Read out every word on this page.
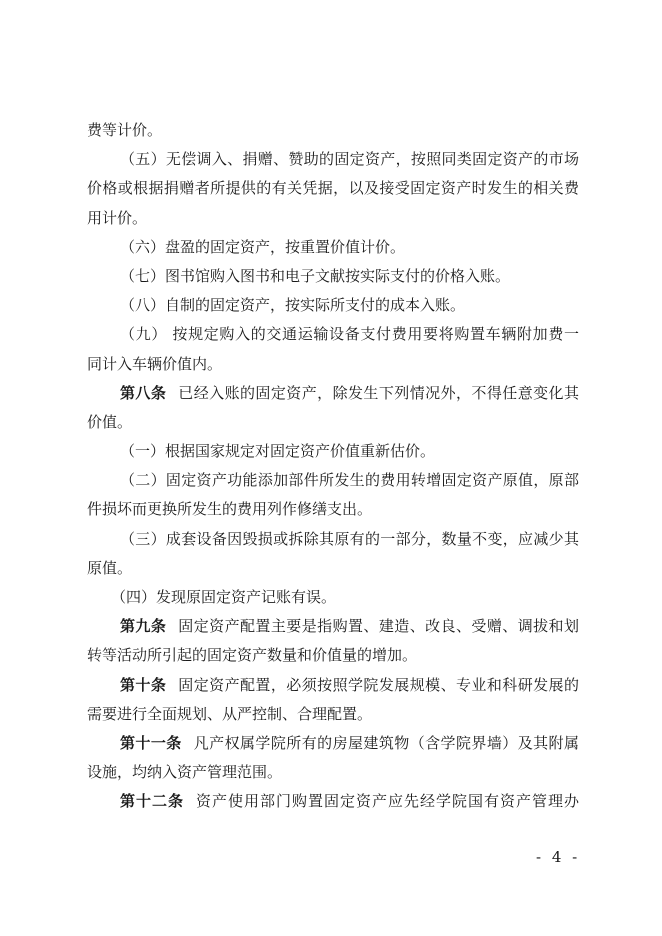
费等计价。
（五）无偿调入、捐赠、赞助的固定资产，按照同类固定资产的市场
价格或根据捐赠者所提供的有关凭据，以及接受固定资产时发生的相关费
用计价。
（六）盘盈的固定资产，按重置价值计价。
（七）图书馆购入图书和电子文献按实际支付的价格入账。
（八）自制的固定资产，按实际所支付的成本入账。
（九） 按规定购入的交通运输设备支付费用要将购置车辆附加费一
同计入车辆价值内。
第八条 已经入账的固定资产，除发生下列情况外，不得任意变化其
价值。
（一）根据国家规定对固定资产价值重新估价。
（二）固定资产功能添加部件所发生的费用转增固定资产原值，原部
件损坏而更换所发生的费用列作修缮支出。
（三）成套设备因毁损或拆除其原有的一部分，数量不变，应减少其
原值。
（四）发现原固定资产记账有误。
第九条 固定资产配置主要是指购置、建造、改良、受赠、调拔和划
转等活动所引起的固定资产数量和价值量的增加。
第十条 固定资产配置，必须按照学院发展规模、专业和科研发展的
需要进行全面规划、从严控制、合理配置。
第十一条 凡产权属学院所有的房屋建筑物（含学院界墙）及其附属
设施，均纳入资产管理范围。
第十二条 资产使用部门购置固定资产应先经学院国有资产管理办
- 4 -
